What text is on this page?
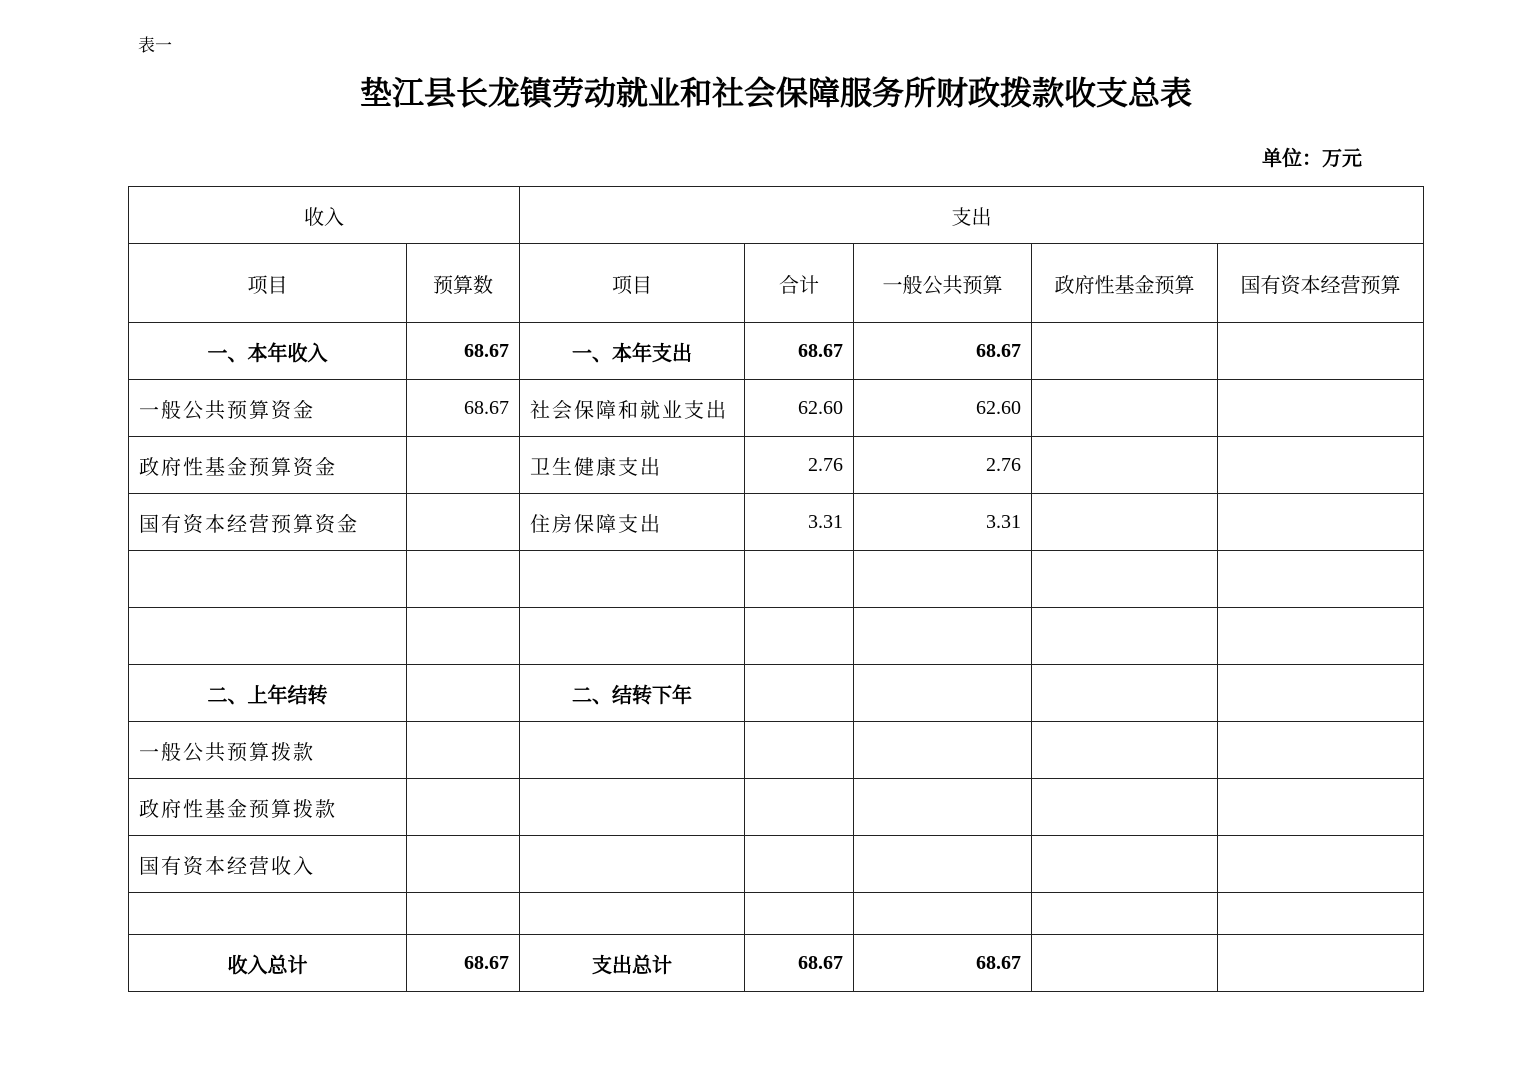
表一
垫江县长龙镇劳动就业和社会保障服务所财政拨款收支总表
单位：万元
收入		支出				
项目	预算数	项目	合计	一般公共预算	政府性基金预算	国有资本经营预算
一、本年收入	68.67	一、本年支出	68.67	68.67		
一般公共预算资金	68.67	社会保障和就业支出	62.60	62.60		
政府性基金预算资金		卫生健康支出	2.76	2.76		
国有资本经营预算资金		住房保障支出	3.31	3.31		

二、上年结转		二、结转下年				
一般公共预算拨款						
政府性基金预算拨款						
国有资本经营收入						

收入总计	68.67	支出总计	68.67	68.67		
